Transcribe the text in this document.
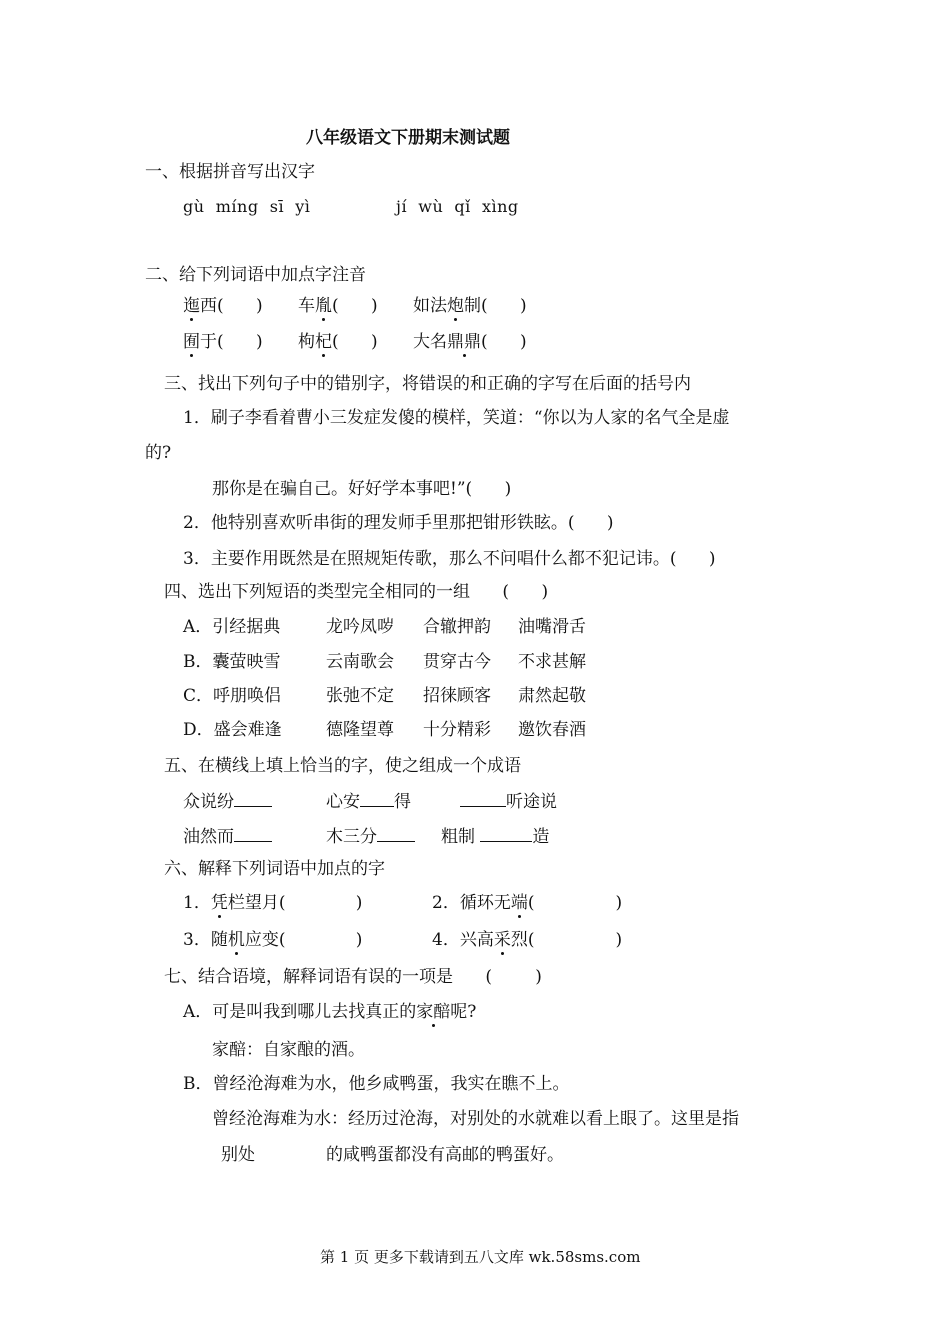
八年级语文下册期末测试题
一、根据拼音写出汉字
gù  míng  sī  yì	jí  wù  qǐ  xìng
二、给下列词语中加点字注音
迤西(      ) 车胤(      ) 如法炮制(      )
囿于(      ) 枸杞(      ) 大名鼎鼎(      )
三、找出下列句子中的错别字，将错误的和正确的字写在后面的括号内
1．刷子李看着曹小三发症发傻的模样，笑道：“你以为人家的名气全是虚
的?
那你是在骗自己。好好学本事吧!”(      )
2．他特别喜欢听串街的理发师手里那把钳形铁眩。(      )
3．主要作用既然是在照规矩传歌，那么不问唱什么都不犯记讳。(      )
四、选出下列短语的类型完全相同的一组      (      )
A．引经据典	龙吟凤哕 合辙押韵 油嘴滑舌
B．囊萤映雪	云南歌会 贯穿古今 不求甚解
C．呼朋唤侣	张弛不定 招徕顾客 肃然起敬
D．盛会难逢	德隆望尊 十分精彩 邀饮春酒
五、在横线上填上恰当的字，使之组成一个成语
众说纷	心安 得	听途说
油然而	木三分	粗制	造
六、解释下列词语中加点的字
1．凭栏望月(             )	2．循环无端(               )
3．随机应变(             )	4．兴高采烈(               )
七、结合语境，解释词语有误的一项是      (        )
A．可是叫我到哪儿去找真正的家醅呢?
家醅：自家酿的酒。
B．曾经沧海难为水，他乡咸鸭蛋，我实在瞧不上。
曾经沧海难为水：经历过沧海，对别处的水就难以看上眼了。这里是指
别处	的咸鸭蛋都没有高邮的鸭蛋好。
第 1 页 更多下载请到五八文库 wk.58sms.com
